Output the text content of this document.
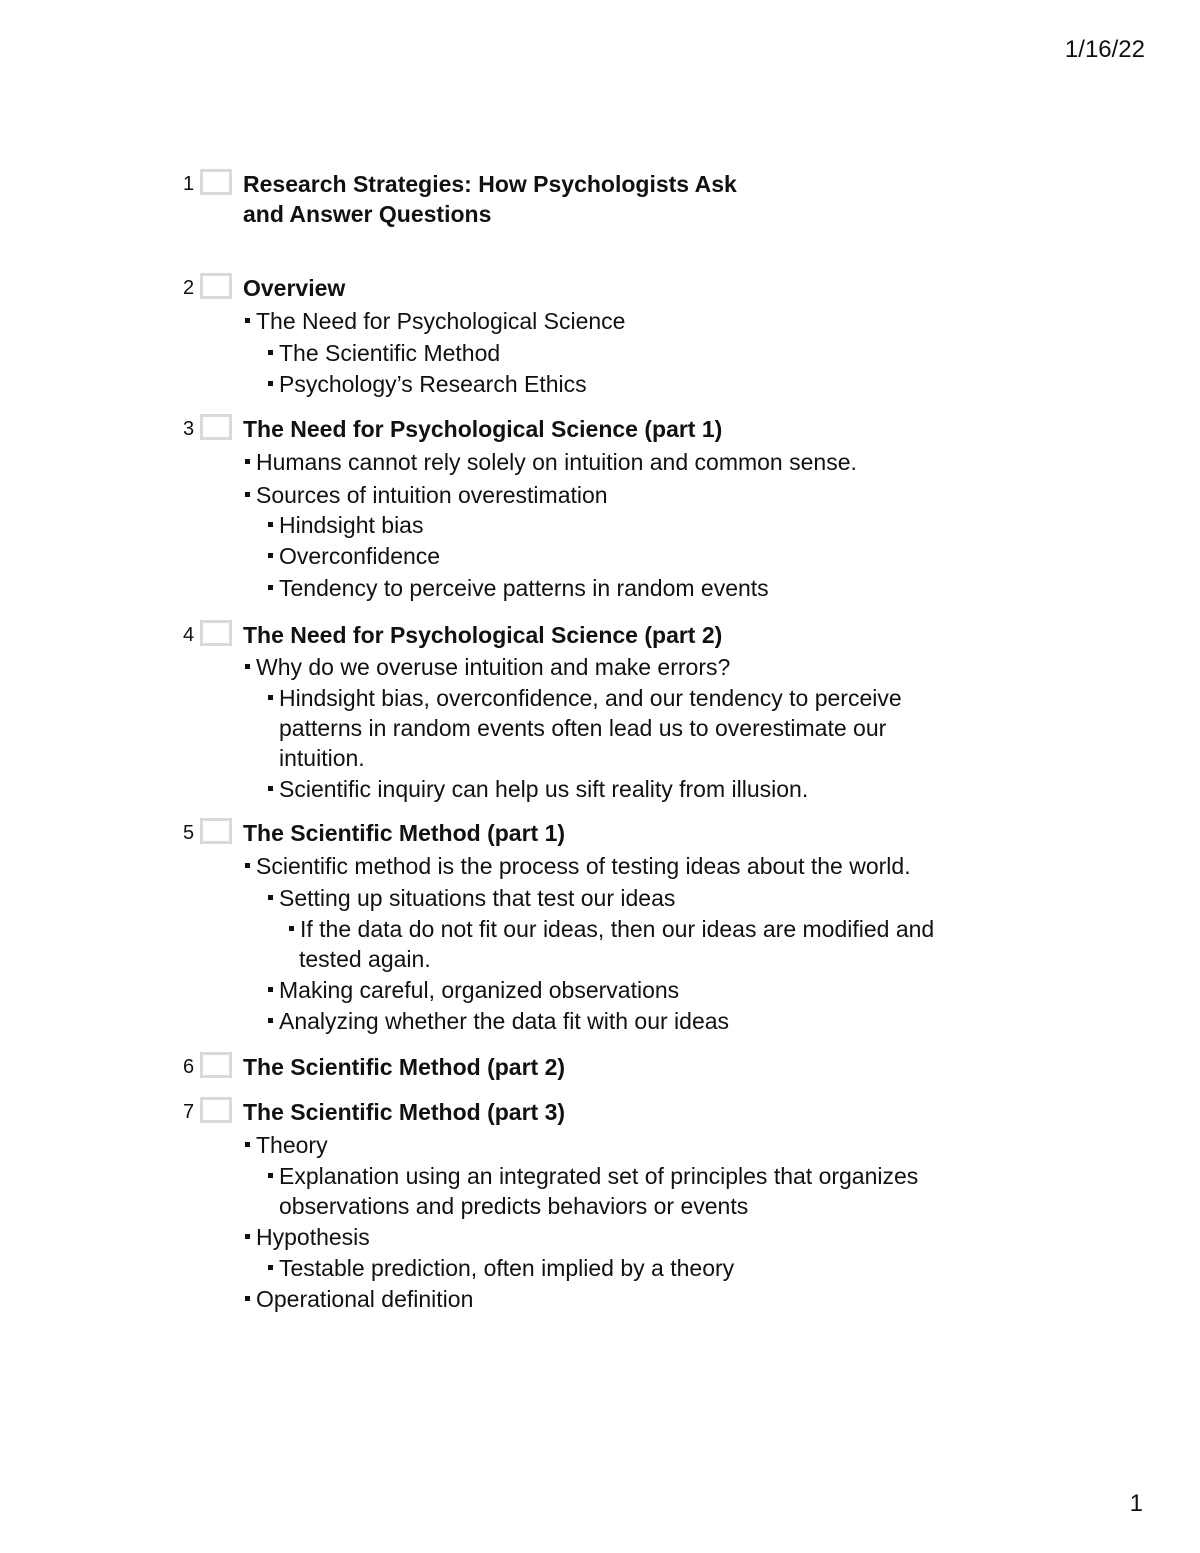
1/16/22
1 Research Strategies: How Psychologists Ask
and Answer Questions
2 Overview
The Need for Psychological Science
The Scientific Method
Psychology’s Research Ethics
3 The Need for Psychological Science (part 1)
Humans cannot rely solely on intuition and common sense.
Sources of intuition overestimation
Hindsight bias
Overconfidence
Tendency to perceive patterns in random events
4 The Need for Psychological Science (part 2)
Why do we overuse intuition and make errors?
Hindsight bias, overconfidence, and our tendency to perceive
patterns in random events often lead us to overestimate our
intuition.
Scientific inquiry can help us sift reality from illusion.
5 The Scientific Method (part 1)
Scientific method is the process of testing ideas about the world.
Setting up situations that test our ideas
If the data do not fit our ideas, then our ideas are modified and
tested again.
Making careful, organized observations
Analyzing whether the data fit with our ideas
6 The Scientific Method (part 2)
7 The Scientific Method (part 3)
Theory
Explanation using an integrated set of principles that organizes
observations and predicts behaviors or events
Hypothesis
Testable prediction, often implied by a theory
Operational definition
1
